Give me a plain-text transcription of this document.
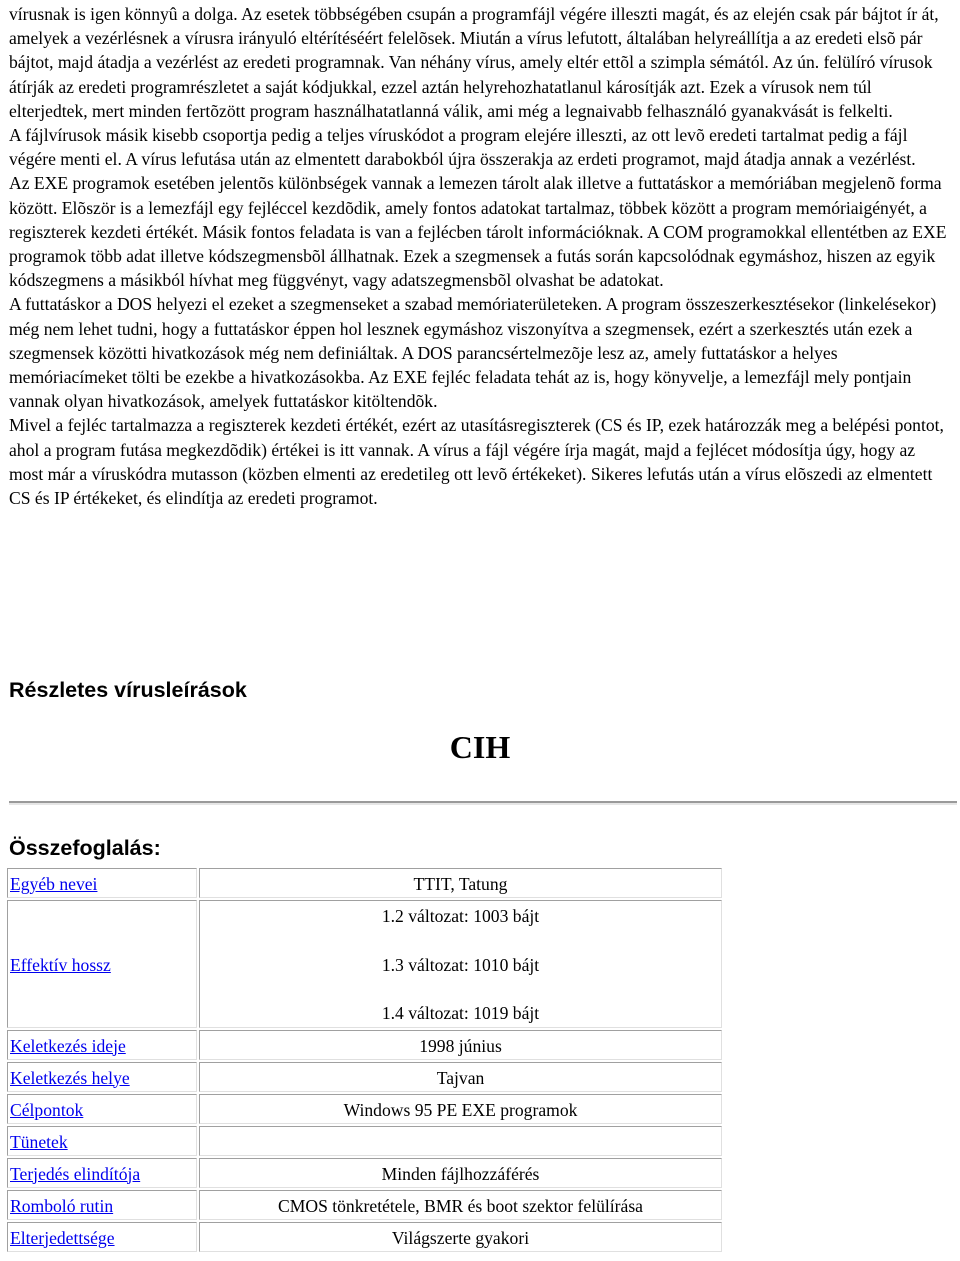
vírusnak is igen könnyû a dolga. Az esetek többségében csupán a programfájl végére illeszti magát, és az elején csak pár bájtot ír át, amelyek a vezérlésnek a vírusra irányuló eltérítéséért felelõsek. Miután a vírus lefutott, általában helyreállítja a az eredeti elsõ pár bájtot, majd átadja a vezérlést az eredeti programnak. Van néhány vírus, amely eltér ettõl a szimpla sémától. Az ún. felülíró vírusok átírják az eredeti programrészletet a saját kódjukkal, ezzel aztán helyrehozhatatlanul károsítják azt. Ezek a vírusok nem túl elterjedtek, mert minden fertõzött program használhatatlanná válik, ami még a legnaivabb felhasználó gyanakvását is felkelti.

A fájlvírusok másik kisebb csoportja pedig a teljes víruskódot a program elejére illeszti, az ott levõ eredeti tartalmat pedig a fájl végére menti el. A vírus lefutása után az elmentett darabokból újra összerakja az erdeti programot, majd átadja annak a vezérlést.

Az EXE programok esetében jelentõs különbségek vannak a lemezen tárolt alak illetve a futtatáskor a memóriában megjelenõ forma között. Elõször is a lemezfájl egy fejléccel kezdõdik, amely fontos adatokat tartalmaz, többek között a program memóriaigényét, a regiszterek kezdeti értékét. Másik fontos feladata is van a fejlécben tárolt információknak. A COM programokkal ellentétben az EXE programok több adat illetve kódszegmensbõl állhatnak. Ezek a szegmensek a futás során kapcsolódnak egymáshoz, hiszen az egyik kódszegmens a másikból hívhat meg függvényt, vagy adatszegmensbõl olvashat be adatokat.

A futtatáskor a DOS helyezi el ezeket a szegmenseket a szabad memóriaterületeken. A program összeszerkesztésekor (linkelésekor) még nem lehet tudni, hogy a futtatáskor éppen hol lesznek egymáshoz viszonyítva a szegmensek, ezért a szerkesztés után ezek a szegmensek közötti hivatkozások még nem definiáltak. A DOS parancsértelmezõje lesz az, amely futtatáskor a helyes memóriacímeket tölti be ezekbe a hivatkozásokba. Az EXE fejléc feladata tehát az is, hogy könyvelje, a lemezfájl mely pontjain vannak olyan hivatkozások, amelyek futtatáskor kitöltendõk.

Mivel a fejléc tartalmazza a regiszterek kezdeti értékét, ezért az utasításregiszterek (CS és IP, ezek határozzák meg a belépési pontot, ahol a program futása megkezdõdik) értékei is itt vannak. A vírus a fájl végére írja magát, majd a fejlécet módosítja úgy, hogy az most már a víruskódra mutasson (közben elmenti az eredetileg ott levõ értékeket). Sikeres lefutás után a vírus elõszedi az elmentett CS és IP értékeket, és elindítja az eredeti programot.

Részletes vírusleírások
CIH
Összefoglalás:
Egyéb nevei	TTIT, Tatung
Effektív hossz	1.2 változat: 1003 bájt
1.3 változat: 1010 bájt
1.4 változat: 1019 bájt

Keletkezés ideje	1998 június
Keletkezés helye	Tajvan
Célpontok	Windows 95 PE EXE programok
Tünetek	
Terjedés elindítója	Minden fájlhozzáférés
Romboló rutin	CMOS tönkretétele, BMR és boot szektor felülírása
Elterjedettsége	Világszerte gyakori
